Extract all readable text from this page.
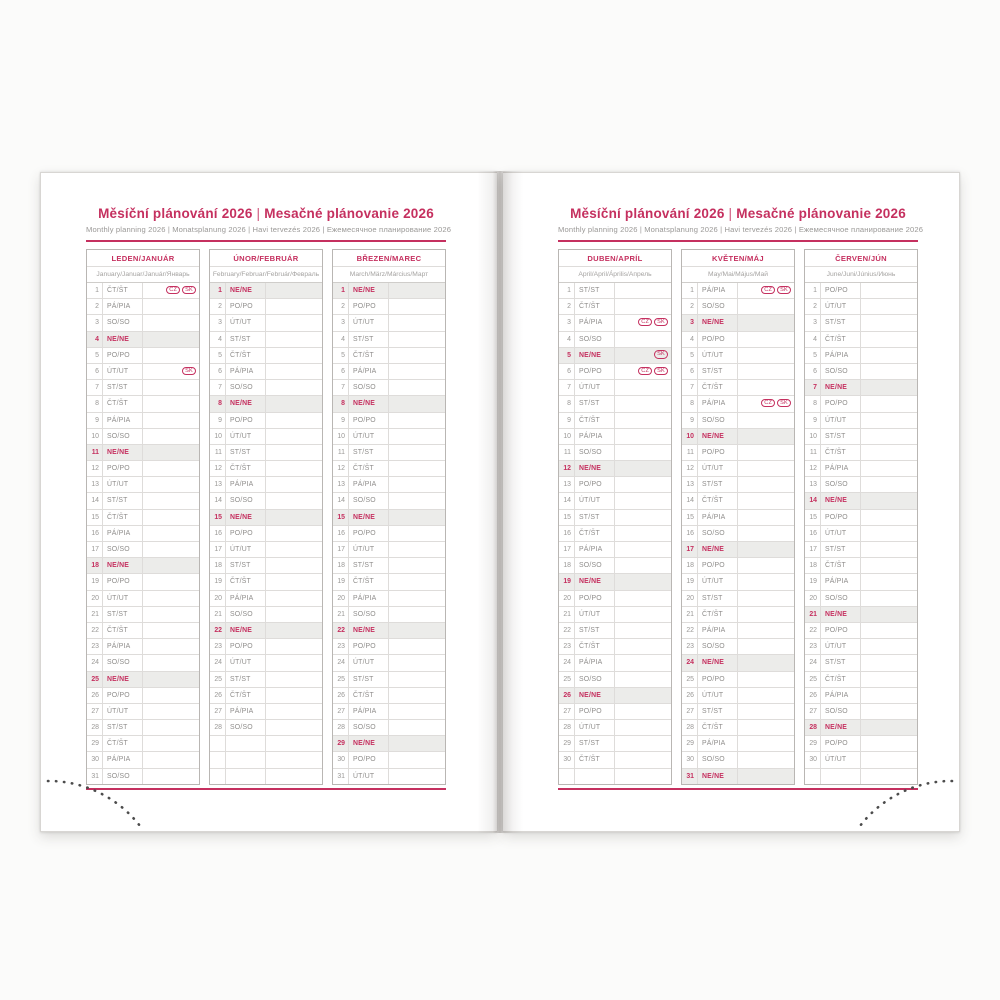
Měsíční plánování 2026 | Mesačné plánovanie 2026
Monthly planning 2026 | Monatsplanung 2026 | Havi tervezés 2026 | Ежемесячное планирование 2026
LEDEN/JANUÁR
January/Januar/Január/Январь
1	ČT/ŠT	CZ SK
2	PÁ/PIA
3	SO/SO
4	NE/NE
5	PO/PO
6	ÚT/UT	SK
7	ST/ST
8	ČT/ŠT
9	PÁ/PIA
10	SO/SO
11	NE/NE
12	PO/PO
13	ÚT/UT
14	ST/ST
15	ČT/ŠT
16	PÁ/PIA
17	SO/SO
18	NE/NE
19	PO/PO
20	ÚT/UT
21	ST/ST
22	ČT/ŠT
23	PÁ/PIA
24	SO/SO
25	NE/NE
26	PO/PO
27	ÚT/UT
28	ST/ST
29	ČT/ŠT
30	PÁ/PIA
31	SO/SO
ÚNOR/FEBRUÁR
February/Februar/Február/Февраль
1	NE/NE
2	PO/PO
3	ÚT/UT
4	ST/ST
5	ČT/ŠT
6	PÁ/PIA
7	SO/SO
8	NE/NE
9	PO/PO
10	ÚT/UT
11	ST/ST
12	ČT/ŠT
13	PÁ/PIA
14	SO/SO
15	NE/NE
16	PO/PO
17	ÚT/UT
18	ST/ST
19	ČT/ŠT
20	PÁ/PIA
21	SO/SO
22	NE/NE
23	PO/PO
24	ÚT/UT
25	ST/ST
26	ČT/ŠT
27	PÁ/PIA
28	SO/SO
BŘEZEN/MAREC
March/März/Március/Март
1	NE/NE
2	PO/PO
3	ÚT/UT
4	ST/ST
5	ČT/ŠT
6	PÁ/PIA
7	SO/SO
8	NE/NE
9	PO/PO
10	ÚT/UT
11	ST/ST
12	ČT/ŠT
13	PÁ/PIA
14	SO/SO
15	NE/NE
16	PO/PO
17	ÚT/UT
18	ST/ST
19	ČT/ŠT
20	PÁ/PIA
21	SO/SO
22	NE/NE
23	PO/PO
24	ÚT/UT
25	ST/ST
26	ČT/ŠT
27	PÁ/PIA
28	SO/SO
29	NE/NE
30	PO/PO
31	ÚT/UT
Měsíční plánování 2026 | Mesačné plánovanie 2026
Monthly planning 2026 | Monatsplanung 2026 | Havi tervezés 2026 | Ежемесячное планирование 2026
DUBEN/APRÍL
April/April/Április/Апрель
1	ST/ST
2	ČT/ŠT
3	PÁ/PIA	CZ SK
4	SO/SO
5	NE/NE	SK
6	PO/PO	CZ SK
7	ÚT/UT
8	ST/ST
9	ČT/ŠT
10	PÁ/PIA
11	SO/SO
12	NE/NE
13	PO/PO
14	ÚT/UT
15	ST/ST
16	ČT/ŠT
17	PÁ/PIA
18	SO/SO
19	NE/NE
20	PO/PO
21	ÚT/UT
22	ST/ST
23	ČT/ŠT
24	PÁ/PIA
25	SO/SO
26	NE/NE
27	PO/PO
28	ÚT/UT
29	ST/ST
30	ČT/ŠT
KVĚTEN/MÁJ
May/Mai/Május/Май
1	PÁ/PIA	CZ SK
2	SO/SO
3	NE/NE
4	PO/PO
5	ÚT/UT
6	ST/ST
7	ČT/ŠT
8	PÁ/PIA	CZ SK
9	SO/SO
10	NE/NE
11	PO/PO
12	ÚT/UT
13	ST/ST
14	ČT/ŠT
15	PÁ/PIA
16	SO/SO
17	NE/NE
18	PO/PO
19	ÚT/UT
20	ST/ST
21	ČT/ŠT
22	PÁ/PIA
23	SO/SO
24	NE/NE
25	PO/PO
26	ÚT/UT
27	ST/ST
28	ČT/ŠT
29	PÁ/PIA
30	SO/SO
31	NE/NE
ČERVEN/JÚN
June/Juni/Június/Июнь
1	PO/PO
2	ÚT/UT
3	ST/ST
4	ČT/ŠT
5	PÁ/PIA
6	SO/SO
7	NE/NE
8	PO/PO
9	ÚT/UT
10	ST/ST
11	ČT/ŠT
12	PÁ/PIA
13	SO/SO
14	NE/NE
15	PO/PO
16	ÚT/UT
17	ST/ST
18	ČT/ŠT
19	PÁ/PIA
20	SO/SO
21	NE/NE
22	PO/PO
23	ÚT/UT
24	ST/ST
25	ČT/ŠT
26	PÁ/PIA
27	SO/SO
28	NE/NE
29	PO/PO
30	ÚT/UT
